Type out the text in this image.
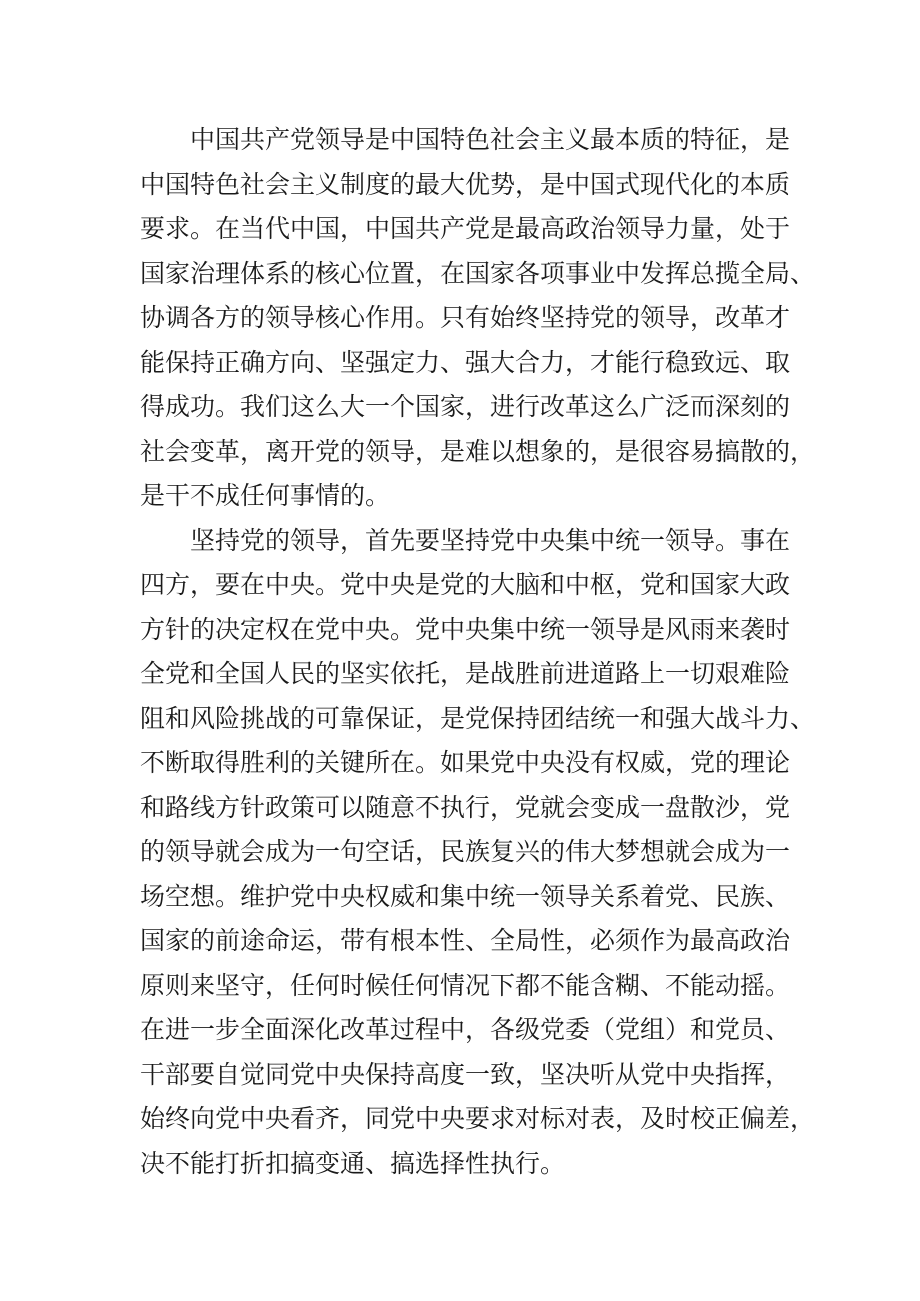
中国共产党领导是中国特色社会主义最本质的特征，是
中国特色社会主义制度的最大优势，是中国式现代化的本质
要求。在当代中国，中国共产党是最高政治领导力量，处于
国家治理体系的核心位置，在国家各项事业中发挥总揽全局、
协调各方的领导核心作用。只有始终坚持党的领导，改革才
能保持正确方向、坚强定力、强大合力，才能行稳致远、取
得成功。我们这么大一个国家，进行改革这么广泛而深刻的
社会变革，离开党的领导，是难以想象的，是很容易搞散的，
是干不成任何事情的。
坚持党的领导，首先要坚持党中央集中统一领导。事在
四方，要在中央。党中央是党的大脑和中枢，党和国家大政
方针的决定权在党中央。党中央集中统一领导是风雨来袭时
全党和全国人民的坚实依托，是战胜前进道路上一切艰难险
阻和风险挑战的可靠保证，是党保持团结统一和强大战斗力、
不断取得胜利的关键所在。如果党中央没有权威，党的理论
和路线方针政策可以随意不执行，党就会变成一盘散沙，党
的领导就会成为一句空话，民族复兴的伟大梦想就会成为一
场空想。维护党中央权威和集中统一领导关系着党、民族、
国家的前途命运，带有根本性、全局性，必须作为最高政治
原则来坚守，任何时候任何情况下都不能含糊、不能动摇。
在进一步全面深化改革过程中，各级党委（党组）和党员、
干部要自觉同党中央保持高度一致，坚决听从党中央指挥，
始终向党中央看齐，同党中央要求对标对表，及时校正偏差，
决不能打折扣搞变通、搞选择性执行。
